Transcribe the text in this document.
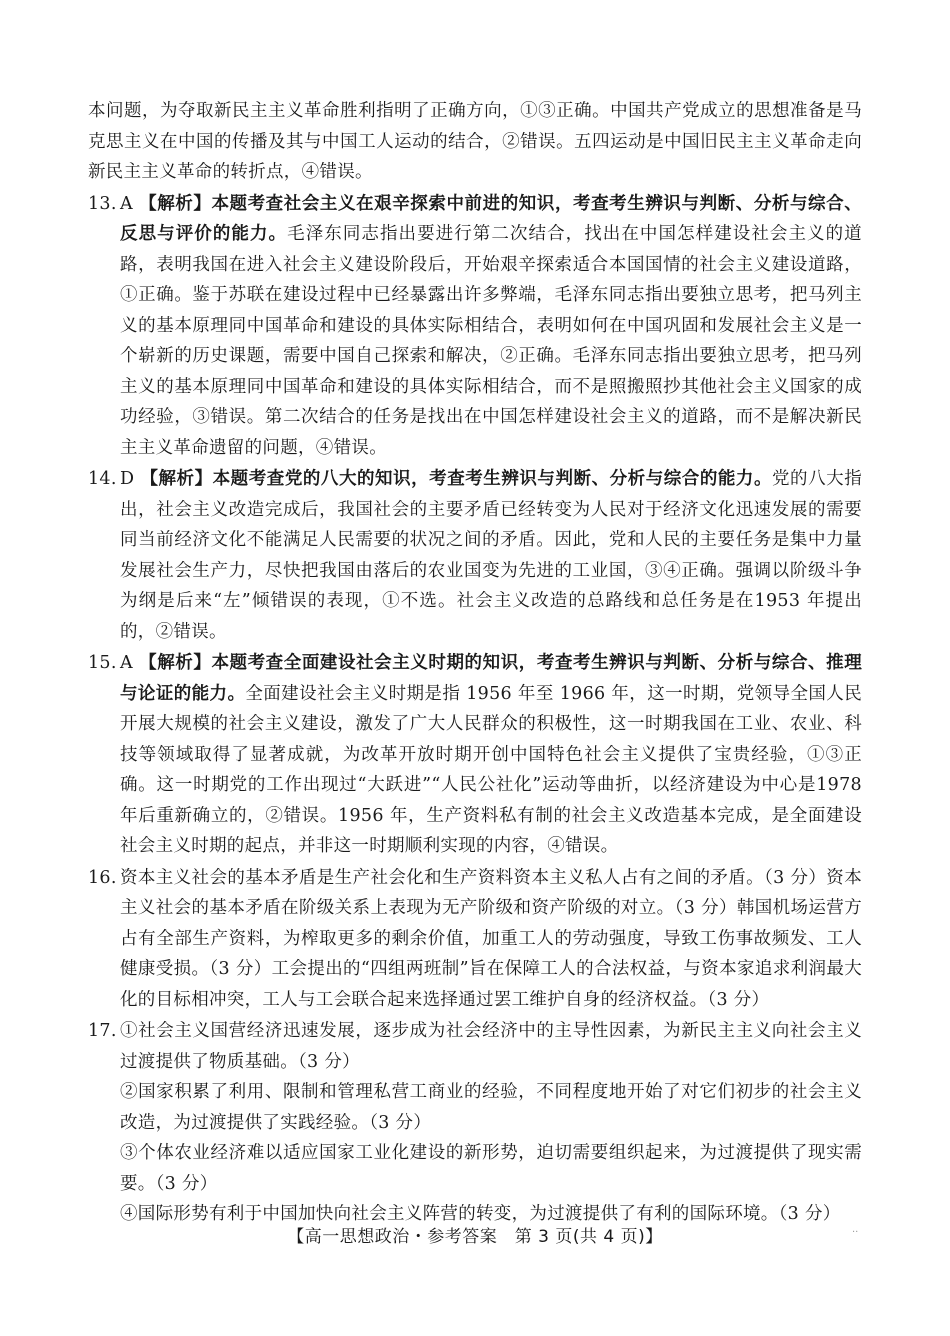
本问题，为夺取新民主主义革命胜利指明了正确方向，①③正确。中国共产党成立的思想准备是马克思主义在中国的传播及其与中国工人运动的结合，②错误。五四运动是中国旧民主主义革命走向新民主主义革命的转折点，④错误。

13. A 【解析】本题考查社会主义在艰辛探索中前进的知识，考查考生辨识与判断、分析与综合、反思与评价的能力。毛泽东同志指出要进行第二次结合，找出在中国怎样建设社会主义的道路，表明我国在进入社会主义建设阶段后，开始艰辛探索适合本国国情的社会主义建设道路，①正确。鉴于苏联在建设过程中已经暴露出许多弊端，毛泽东同志指出要独立思考，把马列主义的基本原理同中国革命和建设的具体实际相结合，表明如何在中国巩固和发展社会主义是一个崭新的历史课题，需要中国自己探索和解决，②正确。毛泽东同志指出要独立思考，把马列主义的基本原理同中国革命和建设的具体实际相结合，而不是照搬照抄其他社会主义国家的成功经验，③错误。第二次结合的任务是找出在中国怎样建设社会主义的道路，而不是解决新民主主义革命遗留的问题，④错误。
14. D 【解析】本题考查党的八大的知识，考查考生辨识与判断、分析与综合的能力。党的八大指出，社会主义改造完成后，我国社会的主要矛盾已经转变为人民对于经济文化迅速发展的需要同当前经济文化不能满足人民需要的状况之间的矛盾。因此，党和人民的主要任务是集中力量发展社会生产力，尽快把我国由落后的农业国变为先进的工业国，③④正确。强调以阶级斗争为纲是后来“左”倾错误的表现，①不选。社会主义改造的总路线和总任务是在1953 年提出的，②错误。
15. A 【解析】本题考查全面建设社会主义时期的知识，考查考生辨识与判断、分析与综合、推理与论证的能力。全面建设社会主义时期是指 1956 年至 1966 年，这一时期，党领导全国人民开展大规模的社会主义建设，激发了广大人民群众的积极性，这一时期我国在工业、农业、科技等领域取得了显著成就，为改革开放时期开创中国特色社会主义提供了宝贵经验，①③正确。这一时期党的工作出现过“大跃进”“人民公社化”运动等曲折，以经济建设为中心是1978 年后重新确立的，②错误。1956 年，生产资料私有制的社会主义改造基本完成，是全面建设社会主义时期的起点，并非这一时期顺利实现的内容，④错误。
16. 资本主义社会的基本矛盾是生产社会化和生产资料资本主义私人占有之间的矛盾。（3 分）资本主义社会的基本矛盾在阶级关系上表现为无产阶级和资产阶级的对立。（3 分）韩国机场运营方占有全部生产资料，为榨取更多的剩余价值，加重工人的劳动强度，导致工伤事故频发、工人健康受损。（3 分）工会提出的“四组两班制”旨在保障工人的合法权益，与资本家追求利润最大化的目标相冲突，工人与工会联合起来选择通过罢工维护自身的经济权益。（3 分）
17. ①社会主义国营经济迅速发展，逐步成为社会经济中的主导性因素，为新民主主义向社会主义过渡提供了物质基础。（3 分）

②国家积累了利用、限制和管理私营工商业的经验，不同程度地开始了对它们初步的社会主义改造，为过渡提供了实践经验。（3 分）

③个体农业经济难以适应国家工业化建设的新形势，迫切需要组织起来，为过渡提供了现实需要。（3 分）

④国际形势有利于中国加快向社会主义阵营的转变，为过渡提供了有利的国际环境。（3 分）

【高一思想政治・参考答案　第 3 页(共 4 页)】	··
